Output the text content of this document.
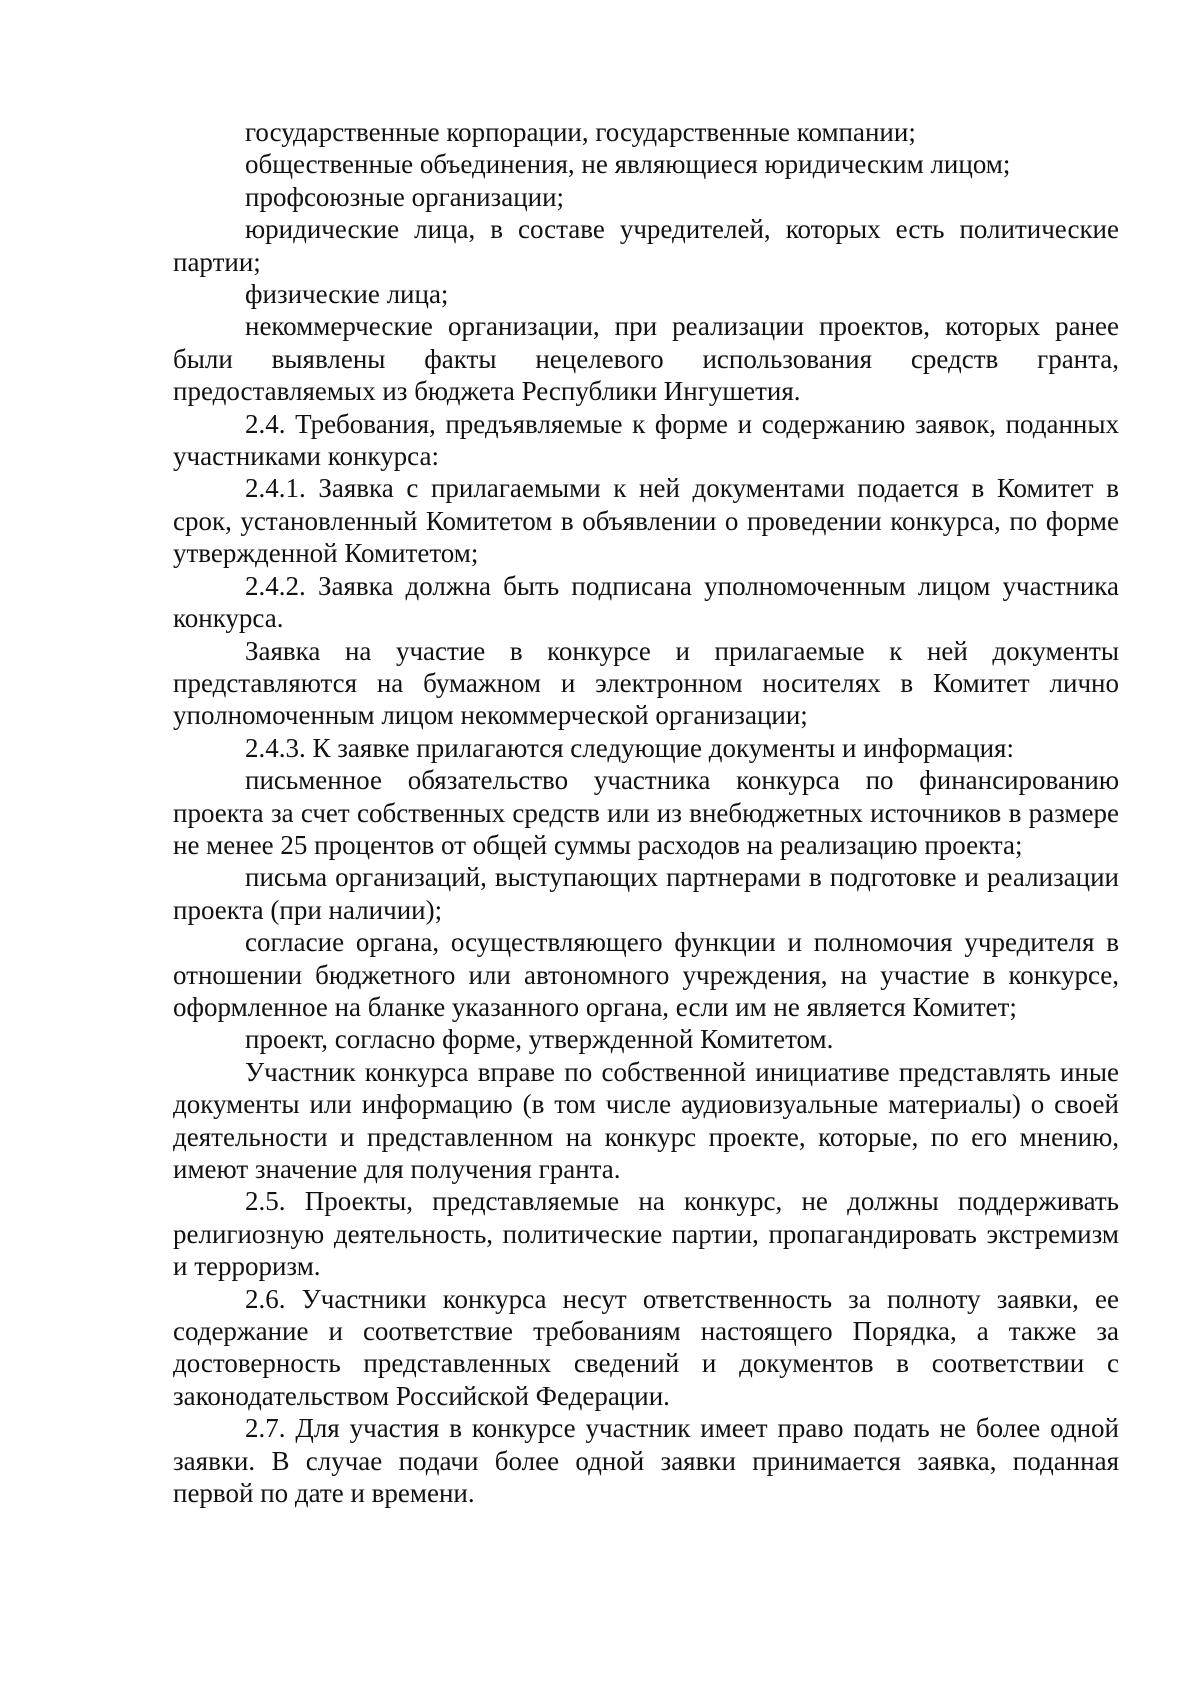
государственные корпорации, государственные компании;

общественные объединения, не являющиеся юридическим лицом;

профсоюзные организации;

юридические лица, в составе учредителей, которых есть политические партии;

физические лица;

некоммерческие организации, при реализации проектов, которых ранее были выявлены факты нецелевого использования средств гранта, предоставляемых из бюджета Республики Ингушетия.

2.4. Требования, предъявляемые к форме и содержанию заявок, поданных участниками конкурса:

2.4.1. Заявка с прилагаемыми к ней документами подается в Комитет в срок, установленный Комитетом в объявлении о проведении конкурса, по форме утвержденной Комитетом;

2.4.2. Заявка должна быть подписана уполномоченным лицом участника конкурса.

Заявка на участие в конкурсе и прилагаемые к ней документы представляются на бумажном и электронном носителях в Комитет лично уполномоченным лицом некоммерческой организации;

2.4.3. К заявке прилагаются следующие документы и информация:

письменное обязательство участника конкурса по финансированию проекта за счет собственных средств или из внебюджетных источников в размере не менее 25 процентов от общей суммы расходов на реализацию проекта;

письма организаций, выступающих партнерами в подготовке и реализации проекта (при наличии);

согласие органа, осуществляющего функции и полномочия учредителя в отношении бюджетного или автономного учреждения, на участие в конкурсе, оформленное на бланке указанного органа, если им не является Комитет;

проект, согласно форме, утвержденной Комитетом.

Участник конкурса вправе по собственной инициативе представлять иные документы или информацию (в том числе аудиовизуальные материалы) о своей деятельности и представленном на конкурс проекте, которые, по его мнению, имеют значение для получения гранта.

2.5. Проекты, представляемые на конкурс, не должны поддерживать религиозную деятельность, политические партии, пропагандировать экстремизм и терроризм.

2.6. Участники конкурса несут ответственность за полноту заявки, ее содержание и соответствие требованиям настоящего Порядка, а также за достоверность представленных сведений и документов в соответствии с законодательством Российской Федерации.

2.7. Для участия в конкурсе участник имеет право подать не более одной заявки. В случае подачи более одной заявки принимается заявка, поданная первой по дате и времени.
